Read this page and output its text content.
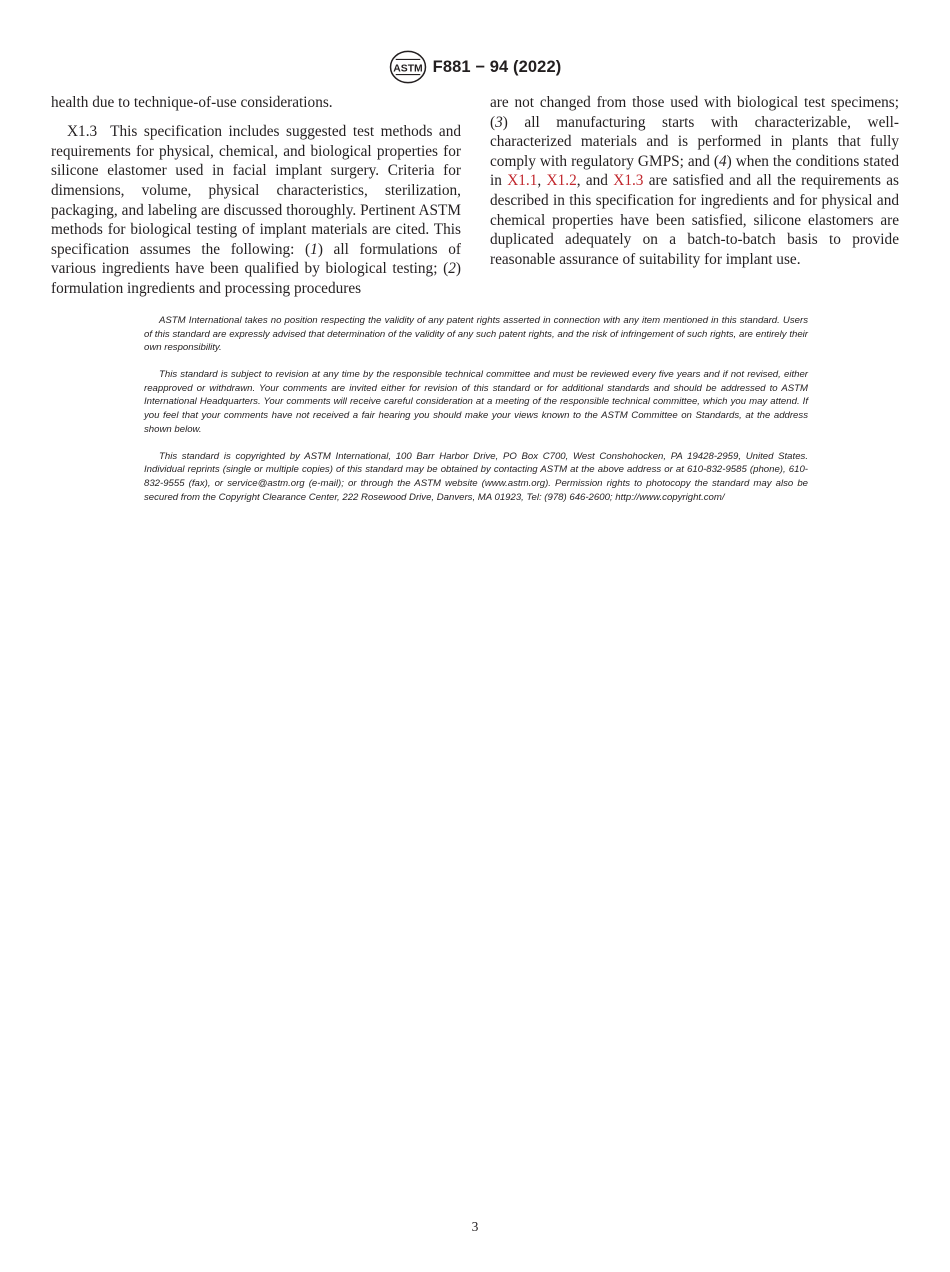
ASTM F881 − 94 (2022)

health due to technique-of-use considerations.

X1.3 This specification includes suggested test methods and requirements for physical, chemical, and biological properties for silicone elastomer used in facial implant surgery. Criteria for dimensions, volume, physical characteristics, sterilization, packaging, and labeling are discussed thoroughly. Pertinent ASTM methods for biological testing of implant materials are cited. This specification assumes the following: (1) all formulations of various ingredients have been qualified by biological testing; (2) formulation ingredients and processing procedures

are not changed from those used with biological test specimens; (3) all manufacturing starts with characterizable, well-characterized materials and is performed in plants that fully comply with regulatory GMPS; and (4) when the conditions stated in X1.1, X1.2, and X1.3 are satisfied and all the requirements as described in this specification for ingredients and for physical and chemical properties have been satisfied, silicone elastomers are duplicated adequately on a batch-to-batch basis to provide reasonable assurance of suitability for implant use.

ASTM International takes no position respecting the validity of any patent rights asserted in connection with any item mentioned in this standard. Users of this standard are expressly advised that determination of the validity of any such patent rights, and the risk of infringement of such rights, are entirely their own responsibility.

This standard is subject to revision at any time by the responsible technical committee and must be reviewed every five years and if not revised, either reapproved or withdrawn. Your comments are invited either for revision of this standard or for additional standards and should be addressed to ASTM International Headquarters. Your comments will receive careful consideration at a meeting of the responsible technical committee, which you may attend. If you feel that your comments have not received a fair hearing you should make your views known to the ASTM Committee on Standards, at the address shown below.

This standard is copyrighted by ASTM International, 100 Barr Harbor Drive, PO Box C700, West Conshohocken, PA 19428-2959, United States. Individual reprints (single or multiple copies) of this standard may be obtained by contacting ASTM at the above address or at 610-832-9585 (phone), 610-832-9555 (fax), or service@astm.org (e-mail); or through the ASTM website (www.astm.org). Permission rights to photocopy the standard may also be secured from the Copyright Clearance Center, 222 Rosewood Drive, Danvers, MA 01923, Tel: (978) 646-2600; http://www.copyright.com/

3
